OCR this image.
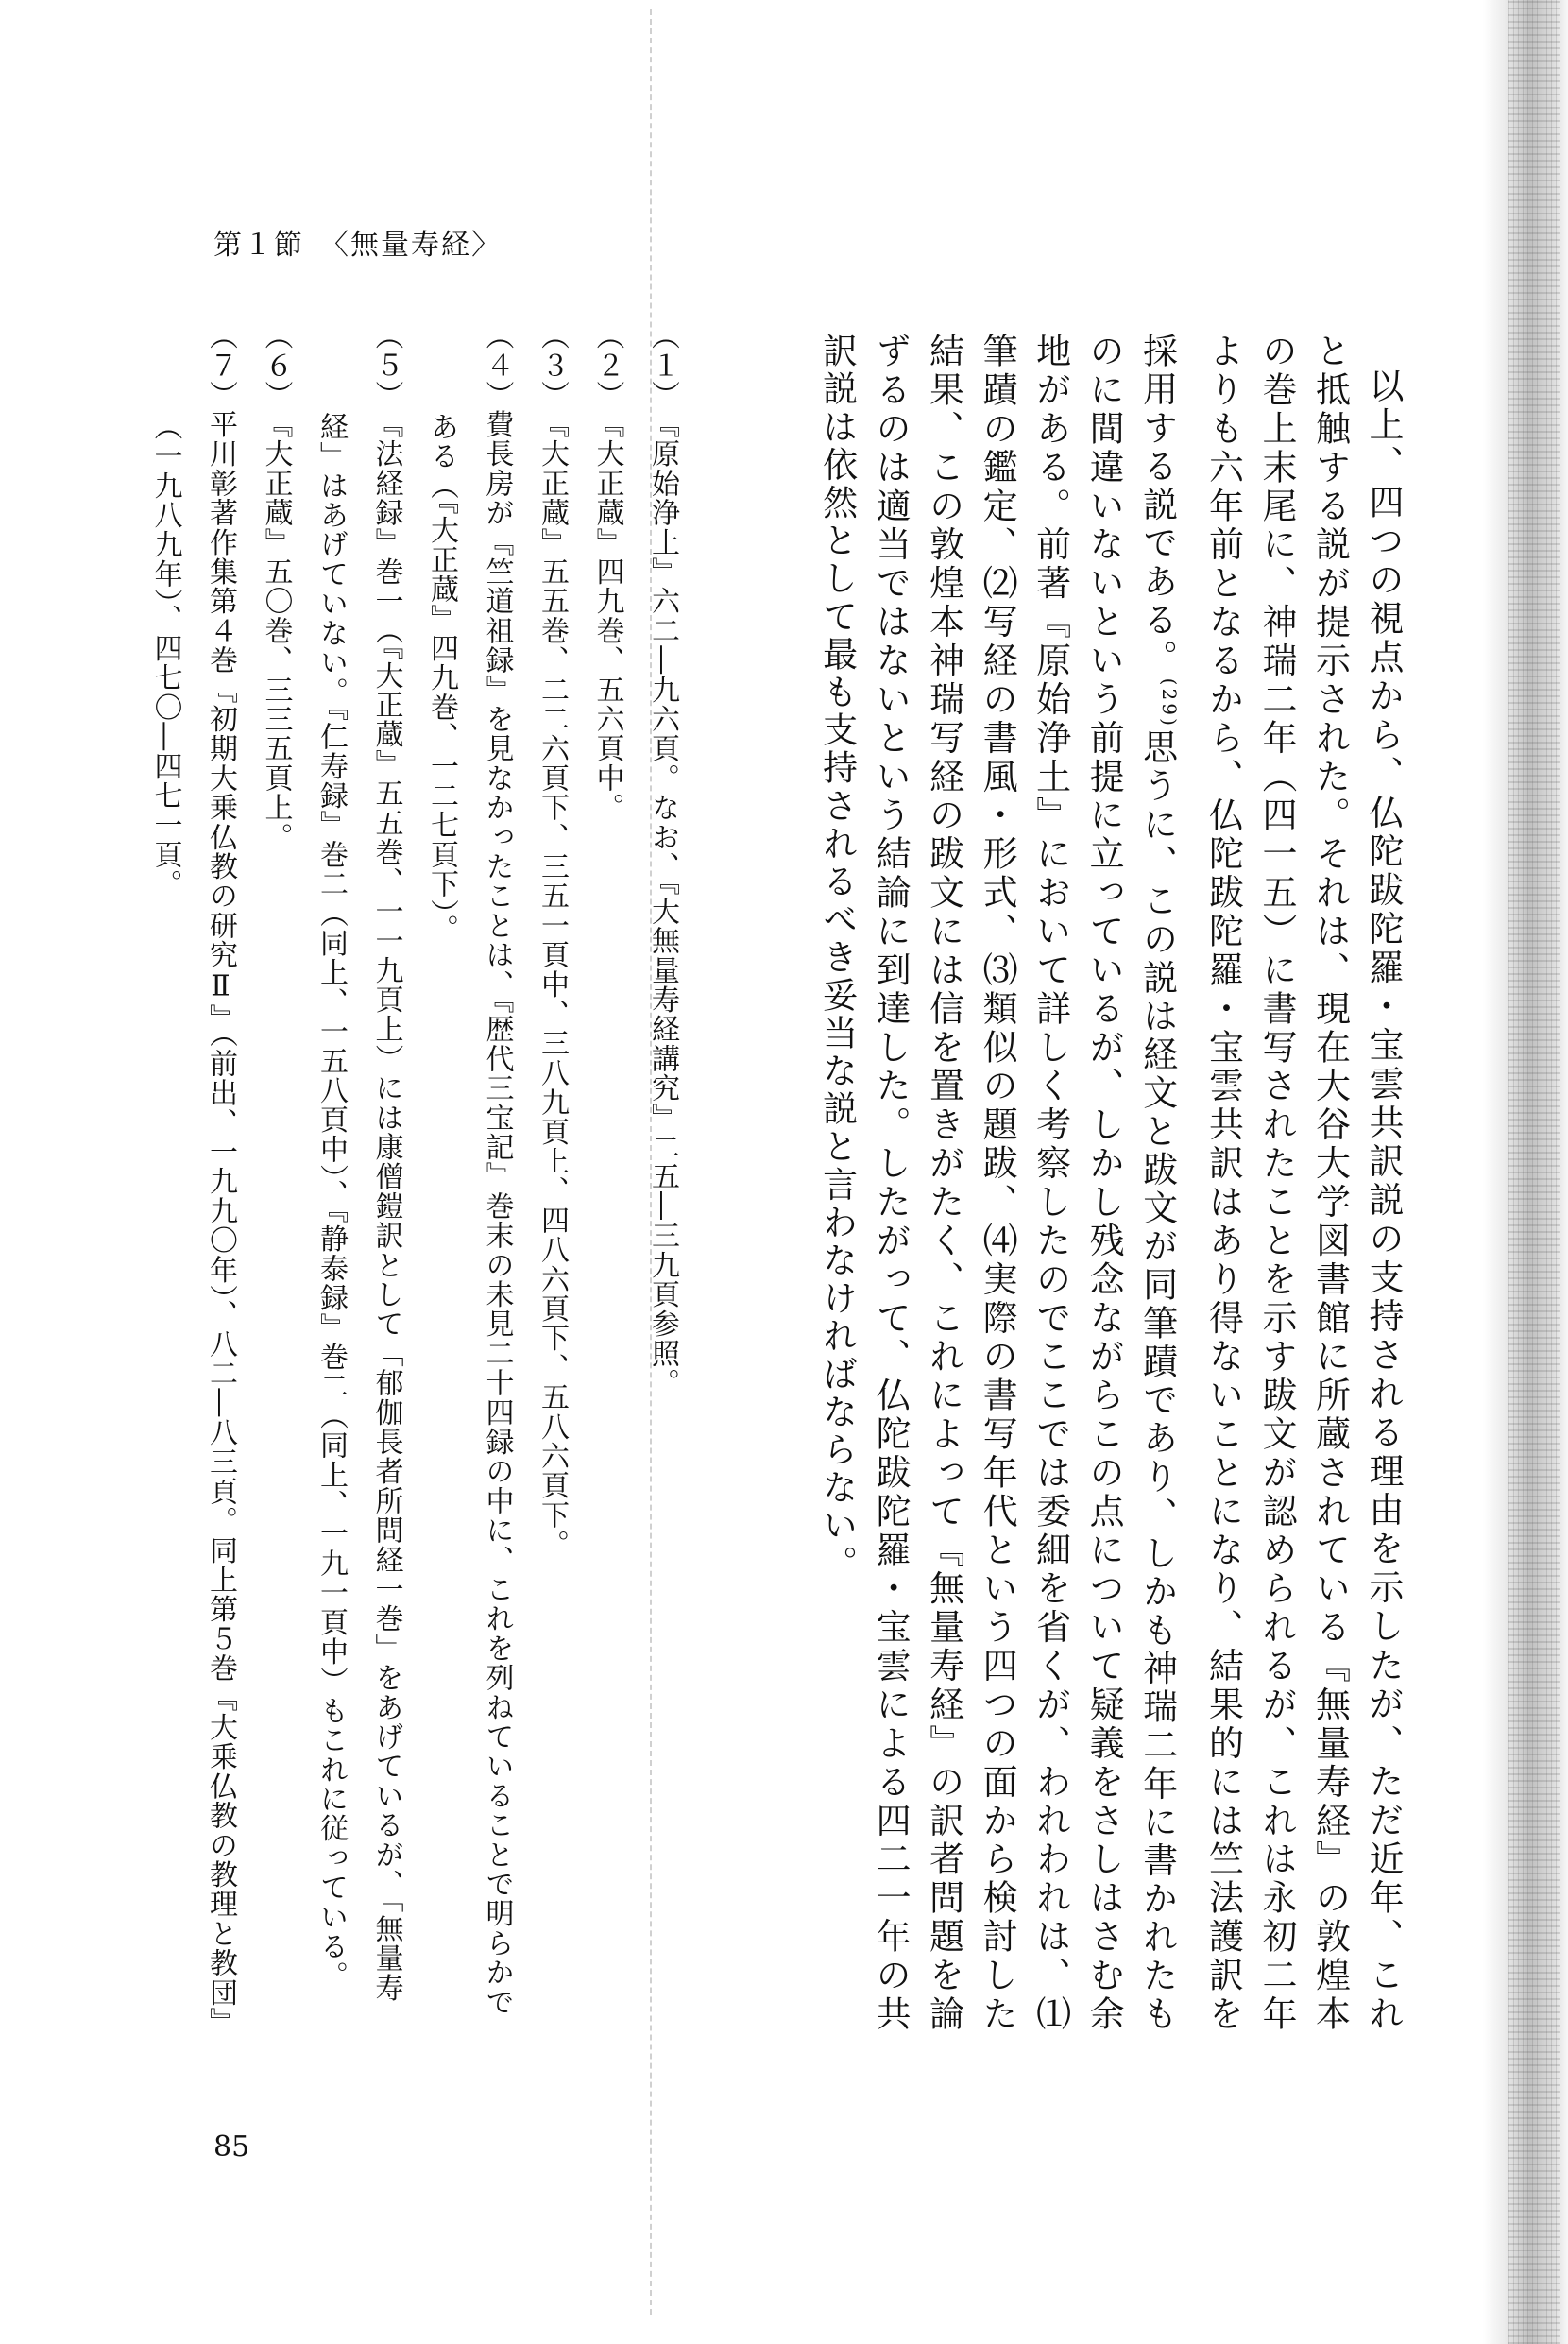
第１節　〈無量寿経〉

以上、四つの視点から、仏陀跋陀羅・宝雲共訳説の支持される理由を示したが、ただ近年、これと抵触する説が提示された。それは、現在大谷大学図書館に所蔵されている『無量寿経』の敦煌本の巻上末尾に、神瑞二年（四一五）に書写されたことを示す跋文が認められるが、これは永初二年よりも六年前となるから、仏陀跋陀羅・宝雲共訳はあり得ないことになり、結果的には竺法護訳を採用する説である。$^{(29)}$思うに、この説は経文と跋文が同筆蹟であり、しかも神瑞二年に書かれたものに間違いないという前提に立っているが、しかし残念ながらこの点について疑義をさしはさむ余地がある。前著『原始浄土』において詳しく考察したのでここでは委細を省くが、われわれは、⑴筆蹟の鑑定、⑵写経の書風・形式、⑶類似の題跋、⑷実際の書写年代という四つの面から検討した結果、この敦煌本神瑞写経の跋文には信を置きがたく、これによって『無量寿経』の訳者問題を論ずるのは適当ではないという結論に到達した。したがって、仏陀跋陀羅・宝雲による四二一年の共訳説は依然として最も支持されるべき妥当な説と言わなければならない。

（１）『原始浄土』六二―九六頁。なお、『大無量寿経講究』二五―三九頁参照。

（２）『大正蔵』四九巻、五六頁中。

（３）『大正蔵』五五巻、二二六頁下、三五一頁中、三八九頁上、四八六頁下、五八六頁下。

（４）費長房が『竺道祖録』を見なかったことは、『歴代三宝記』巻末の未見二十四録の中に、これを列ねていることで明らかである（『大正蔵』四九巻、一二七頁下）。

（５）『法経録』巻一（『大正蔵』五五巻、一一九頁上）には康僧鎧訳として「郁伽長者所問経一巻」をあげているが、「無量寿経」はあげていない。『仁寿録』巻二（同上、一五八頁中）、『静泰録』巻二（同上、一九一頁中）もこれに従っている。

（６）『大正蔵』五〇巻、三三五頁上。

（７）平川彰著作集第４巻『初期大乗仏教の研究Ⅱ』（前出、一九九〇年）、八二―八三頁。同上第５巻『大乗仏教の教理と教団』（一九八九年）、四七〇―四七一頁。

85
